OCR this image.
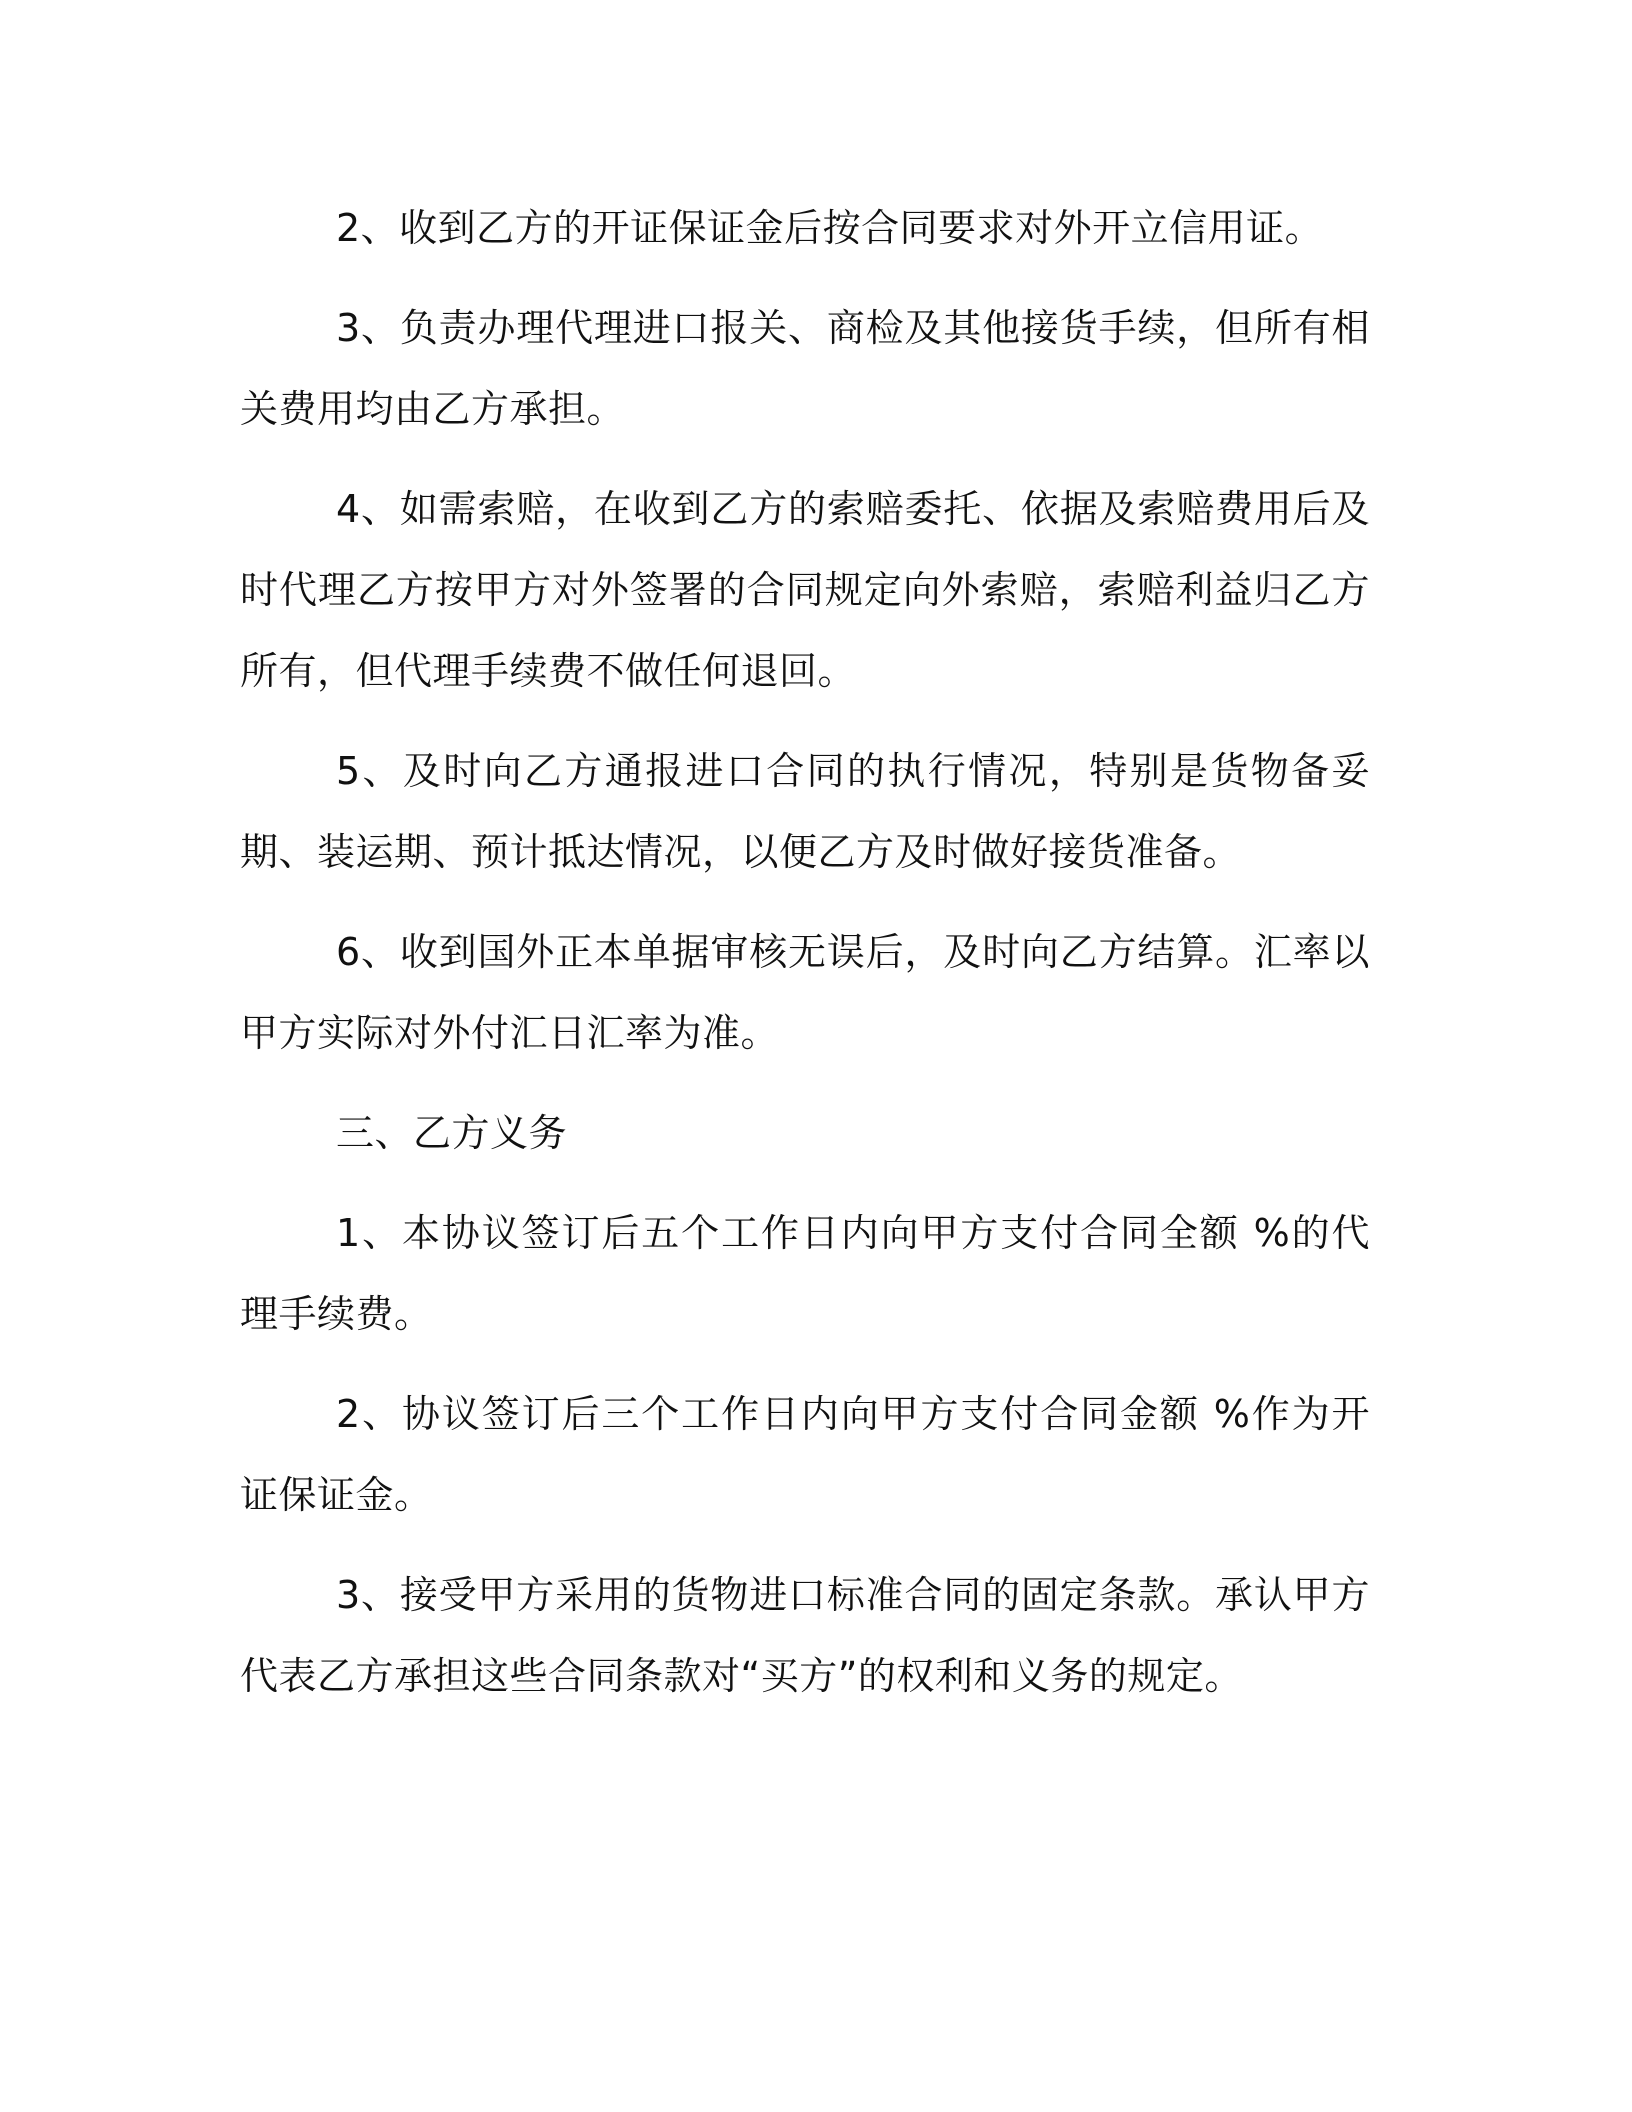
2、收到乙方的开证保证金后按合同要求对外开立信用证。

3、负责办理代理进口报关、商检及其他接货手续，但所有相关费用均由乙方承担。

4、如需索赔，在收到乙方的索赔委托、依据及索赔费用后及时代理乙方按甲方对外签署的合同规定向外索赔，索赔利益归乙方所有，但代理手续费不做任何退回。

5、及时向乙方通报进口合同的执行情况，特别是货物备妥期、装运期、预计抵达情况，以便乙方及时做好接货准备。

6、收到国外正本单据审核无误后，及时向乙方结算。汇率以甲方实际对外付汇日汇率为准。

三、乙方义务

1、本协议签订后五个工作日内向甲方支付合同全额 %的代理手续费。

2、协议签订后三个工作日内向甲方支付合同金额 %作为开证保证金。

3、接受甲方采用的货物进口标准合同的固定条款。承认甲方代表乙方承担这些合同条款对“买方”的权利和义务的规定。
